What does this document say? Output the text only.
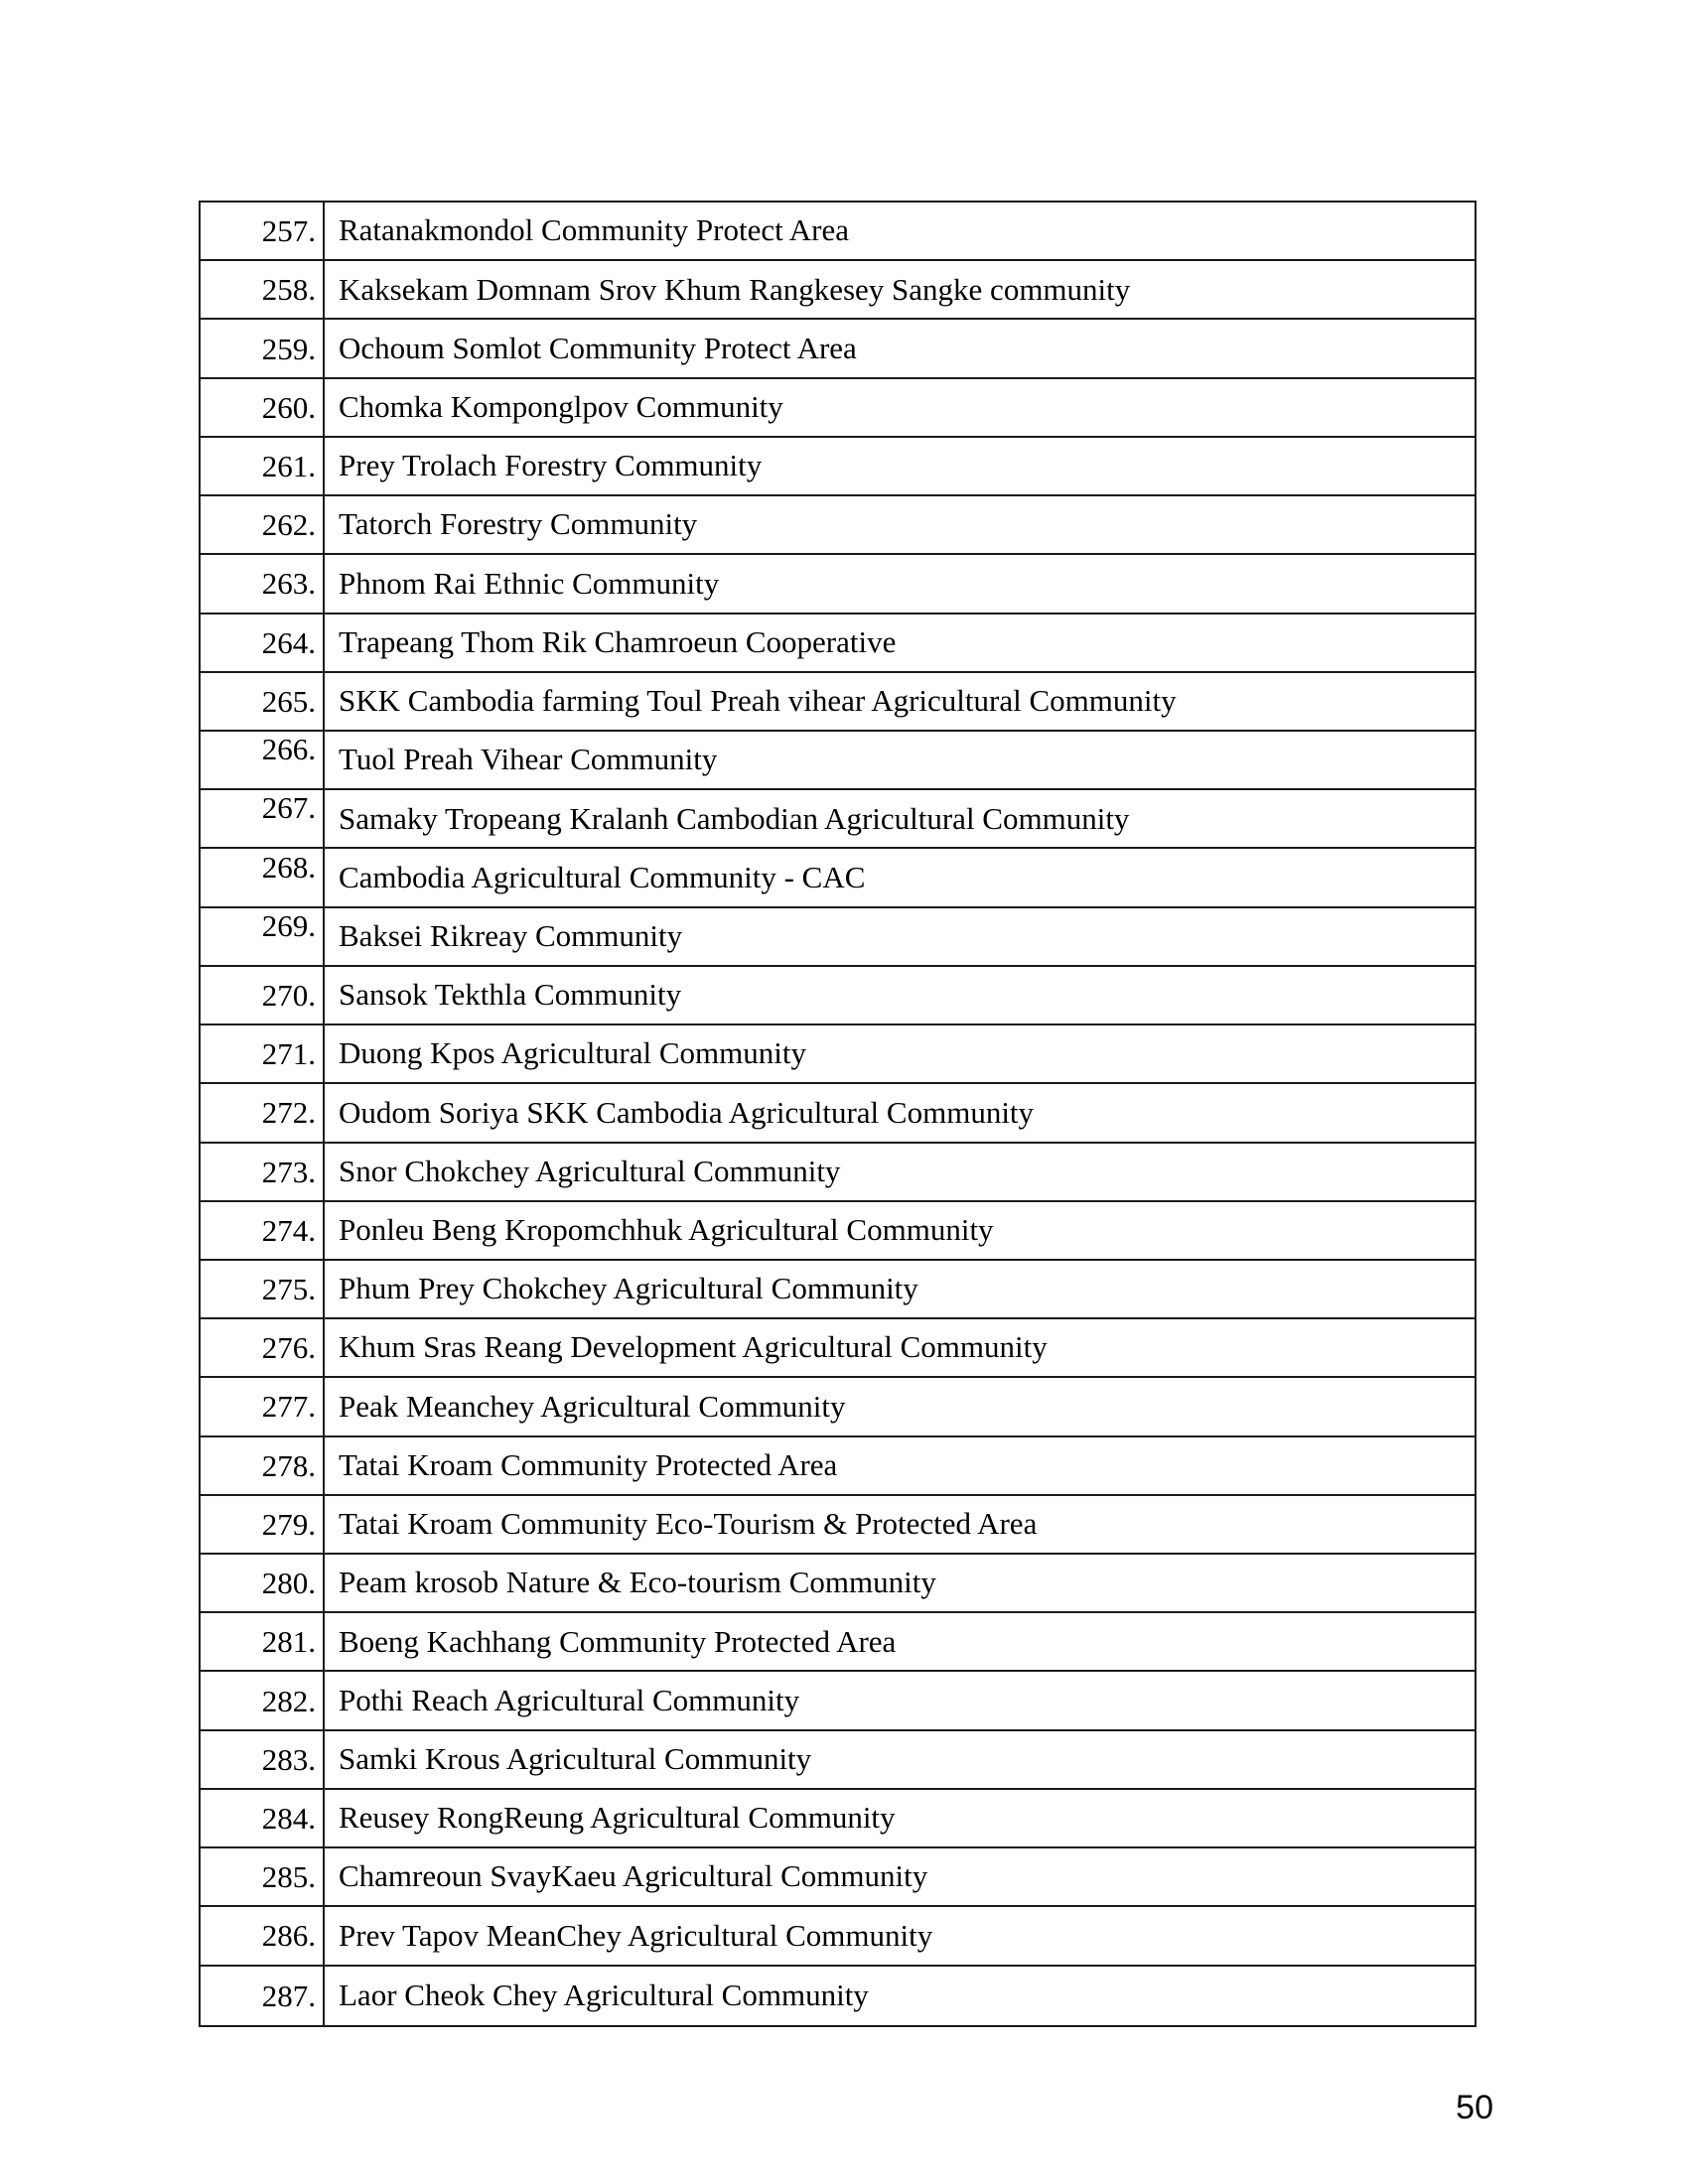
257. Ratanakmondol Community Protect Area
258. Kaksekam Domnam Srov Khum Rangkesey Sangke community
259. Ochoum Somlot Community Protect Area
260. Chomka Komponglpov Community
261. Prey Trolach Forestry Community
262. Tatorch Forestry Community
263. Phnom Rai Ethnic Community
264. Trapeang Thom Rik Chamroeun Cooperative
265. SKK Cambodia farming Toul Preah vihear Agricultural Community
266. Tuol Preah Vihear Community
267. Samaky Tropeang Kralanh Cambodian Agricultural Community
268. Cambodia Agricultural Community - CAC
269. Baksei Rikreay Community
270. Sansok Tekthla Community
271. Duong Kpos Agricultural Community
272. Oudom Soriya SKK Cambodia Agricultural Community
273. Snor Chokchey Agricultural Community
274. Ponleu Beng Kropomchhuk Agricultural Community
275. Phum Prey Chokchey Agricultural Community
276. Khum Sras Reang Development Agricultural Community
277. Peak Meanchey Agricultural Community
278. Tatai Kroam Community Protected Area
279. Tatai Kroam Community Eco-Tourism & Protected Area
280. Peam krosob Nature & Eco-tourism Community
281. Boeng Kachhang Community Protected Area
282. Pothi Reach Agricultural Community
283. Samki Krous Agricultural Community
284. Reusey RongReung Agricultural Community
285. Chamreoun SvayKaeu Agricultural Community
286. Prev Tapov MeanChey Agricultural Community
287. Laor Cheok Chey Agricultural Community
50
